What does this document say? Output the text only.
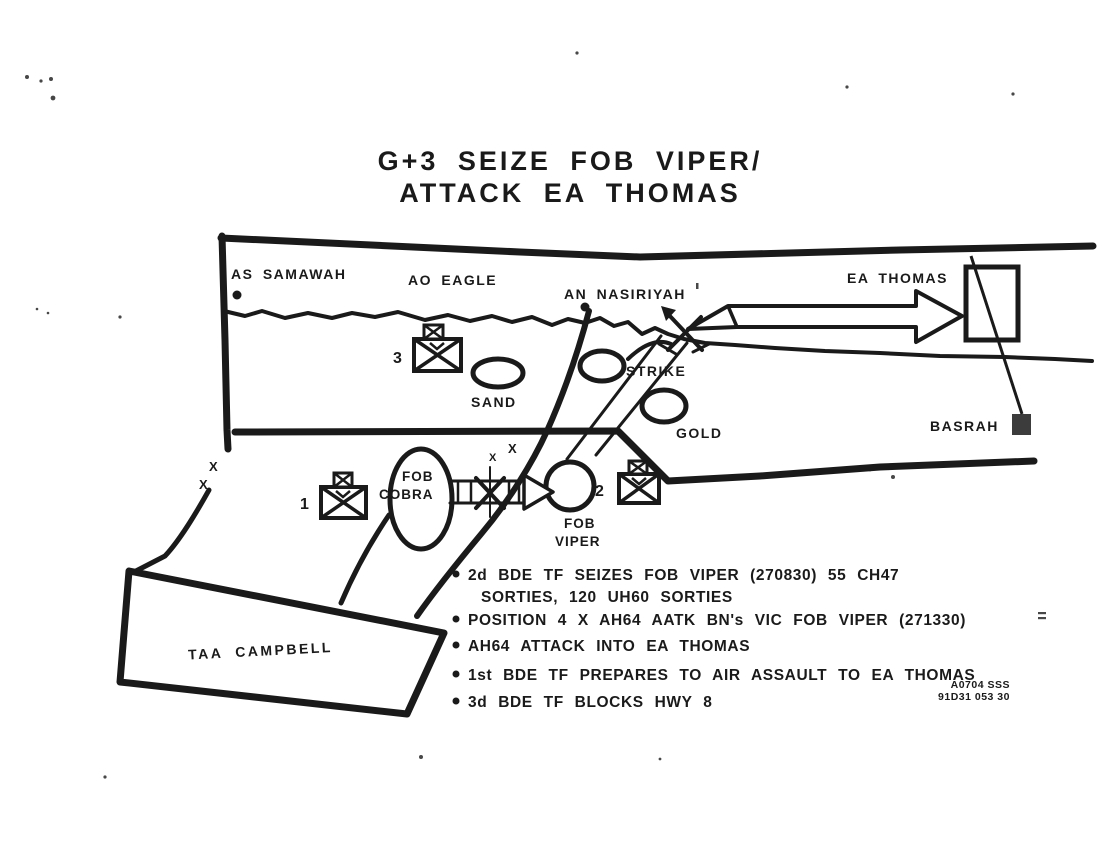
3
1
2
X
X
X
X
AS SAMAWAH	AO EAGLE
AN NASIRIYAH
EA THOMAS
BASRAH
SAND
STRIKE
GOLD
FOB
COBRA
FOB
VIPER
TAA CAMPBELL
G+3 SEIZE FOB VIPER/
ATTACK EA THOMAS
2d BDE TF SEIZES FOB VIPER (270830) 55 CH47
SORTIES, 120 UH60 SORTIES
POSITION 4 X AH64 AATK BN's VIC FOB VIPER (271330)
AH64 ATTACK INTO EA THOMAS
1st BDE TF PREPARES TO AIR ASSAULT TO EA THOMAS
3d BDE TF BLOCKS HWY 8
A0704 SSS
91D31 053 30
